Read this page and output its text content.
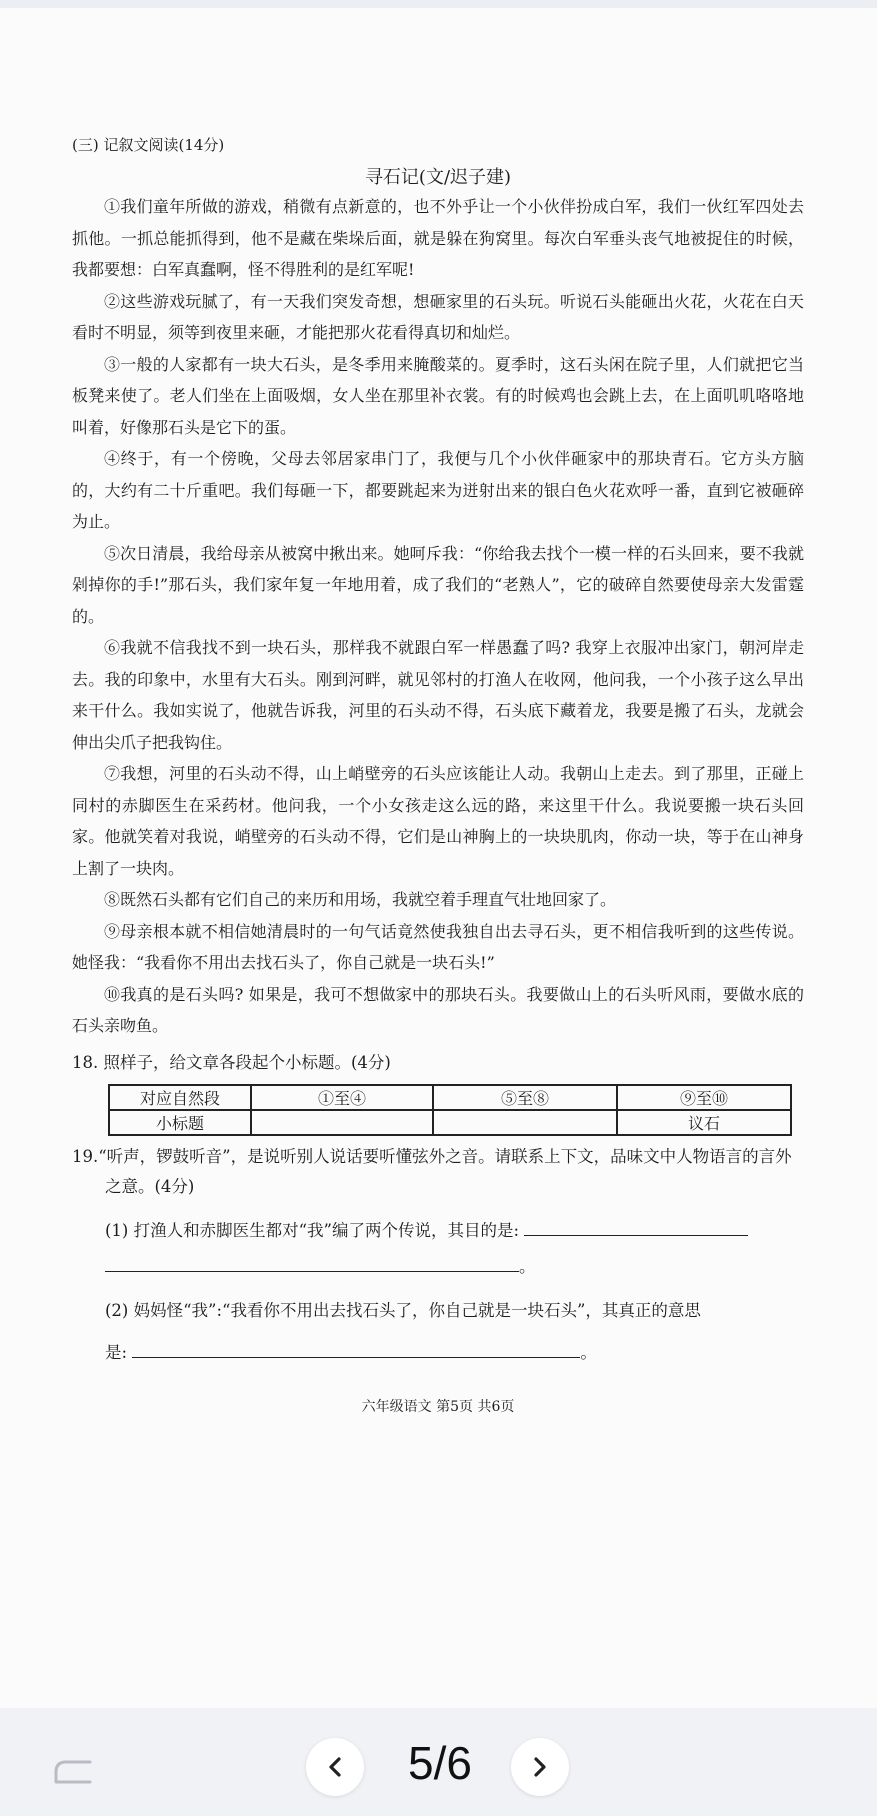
(三) 记叙文阅读(14分)
寻石记(文/迟子建)

①我们童年所做的游戏，稍微有点新意的，也不外乎让一个小伙伴扮成白军，我们一伙红军四处去抓他。一抓总能抓得到，他不是藏在柴垛后面，就是躲在狗窝里。每次白军垂头丧气地被捉住的时候，我都要想：白军真蠢啊，怪不得胜利的是红军呢!

②这些游戏玩腻了，有一天我们突发奇想，想砸家里的石头玩。听说石头能砸出火花，火花在白天看时不明显，须等到夜里来砸，才能把那火花看得真切和灿烂。

③一般的人家都有一块大石头，是冬季用来腌酸菜的。夏季时，这石头闲在院子里，人们就把它当板凳来使了。老人们坐在上面吸烟，女人坐在那里补衣裳。有的时候鸡也会跳上去，在上面叽叽咯咯地叫着，好像那石头是它下的蛋。

④终于，有一个傍晚，父母去邻居家串门了，我便与几个小伙伴砸家中的那块青石。它方头方脑的，大约有二十斤重吧。我们每砸一下，都要跳起来为迸射出来的银白色火花欢呼一番，直到它被砸碎为止。

⑤次日清晨，我给母亲从被窝中揪出来。她呵斥我：“你给我去找个一模一样的石头回来，要不我就剁掉你的手!”那石头，我们家年复一年地用着，成了我们的“老熟人”，它的破碎自然要使母亲大发雷霆的。

⑥我就不信我找不到一块石头，那样我不就跟白军一样愚蠢了吗? 我穿上衣服冲出家门，朝河岸走去。我的印象中，水里有大石头。刚到河畔，就见邻村的打渔人在收网，他问我，一个小孩子这么早出来干什么。我如实说了，他就告诉我，河里的石头动不得，石头底下藏着龙，我要是搬了石头，龙就会伸出尖爪子把我钩住。

⑦我想，河里的石头动不得，山上峭壁旁的石头应该能让人动。我朝山上走去。到了那里，正碰上同村的赤脚医生在采药材。他问我，一个小女孩走这么远的路，来这里干什么。我说要搬一块石头回家。他就笑着对我说，峭壁旁的石头动不得，它们是山神胸上的一块块肌肉，你动一块，等于在山神身上割了一块肉。

⑧既然石头都有它们自己的来历和用场，我就空着手理直气壮地回家了。

⑨母亲根本就不相信她清晨时的一句气话竟然使我独自出去寻石头，更不相信我听到的这些传说。她怪我：“我看你不用出去找石头了，你自己就是一块石头!”

⑩我真的是石头吗? 如果是，我可不想做家中的那块石头。我要做山上的石头听风雨，要做水底的石头亲吻鱼。

18. 照样子，给文章各段起个小标题。(4分)

对应自然段	①至④	⑤至⑧	⑨至⑩
小标题			议石

19.“听声，锣鼓听音”，是说听别人说话要听懂弦外之音。请联系上下文，品味文中人物语言的言外之意。(4分)

(1) 打渔人和赤脚医生都对“我”编了两个传说，其目的是:

。

(2) 妈妈怪“我”:“我看你不用出去找石头了，你自己就是一块石头”，其真正的意思

是:	。

六年级语文 第5页 共6页
5/6
